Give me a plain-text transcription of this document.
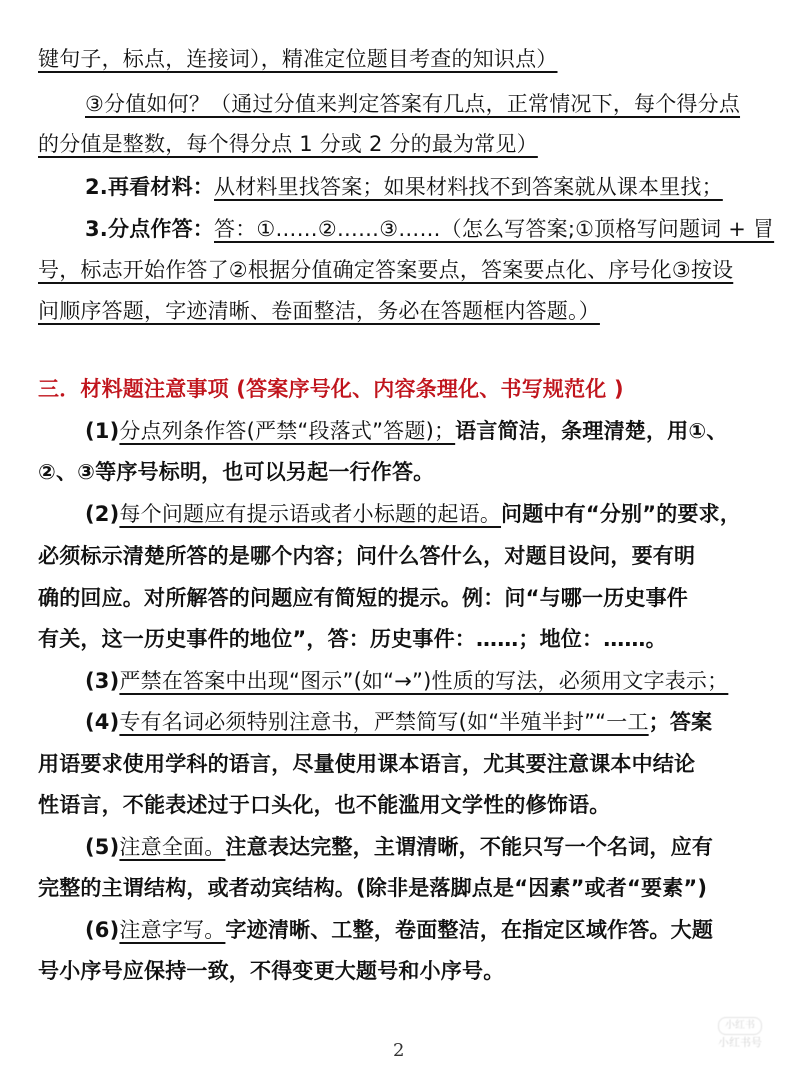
键句子，标点，连接词），精准定位题目考查的知识点）
③分值如何？（通过分值来判定答案有几点，正常情况下，每个得分点
的分值是整数，每个得分点 1 分或 2 分的最为常见）
2.再看材料：从材料里找答案；如果材料找不到答案就从课本里找；
3.分点作答：答：①……②……③……（怎么写答案;①顶格写问题词 + 冒
号，标志开始作答了②根据分值确定答案要点，答案要点化、序号化③按设
问顺序答题，字迹清晰、卷面整洁，务必在答题框内答题。）
三．材料题注意事项 (答案序号化、内容条理化、书写规范化 )
(1)分点列条作答(严禁“段落式”答题)；语言简洁，条理清楚，用①、
②、③等序号标明，也可以另起一行作答。
(2)每个问题应有提示语或者小标题的起语。问题中有“分别”的要求，
必须标示清楚所答的是哪个内容；问什么答什么，对题目设问，要有明
确的回应。对所解答的问题应有简短的提示。例：问“与哪一历史事件
有关，这一历史事件的地位”，答：历史事件：……；地位：……。
(3)严禁在答案中出现“图示”(如“→”)性质的写法，必须用文字表示；
(4)专有名词必须特别注意书，严禁简写(如“半殖半封”“一工；答案
用语要求使用学科的语言，尽量使用课本语言，尤其要注意课本中结论
性语言，不能表述过于口头化，也不能滥用文学性的修饰语。
(5)注意全面。注意表达完整，主谓清晰，不能只写一个名词，应有
完整的主谓结构，或者动宾结构。(除非是落脚点是“因素”或者“要素”)
(6)注意字写。字迹清晰、工整，卷面整洁，在指定区域作答。大题
号小序号应保持一致，不得变更大题号和小序号。
2
小红书
小红书号
